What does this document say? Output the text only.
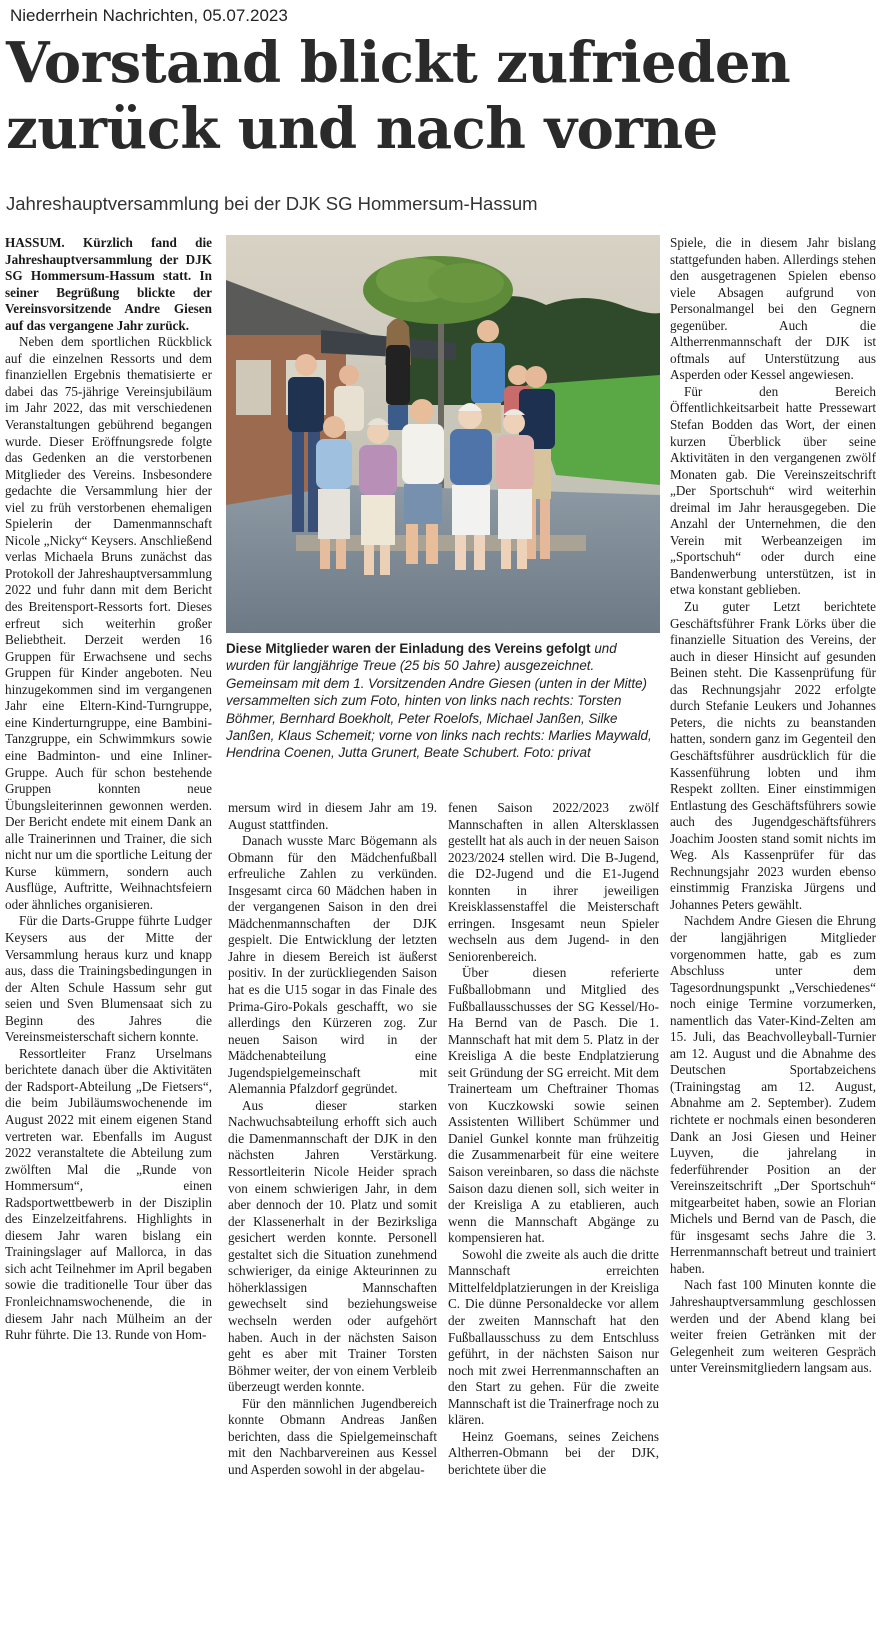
Niederrhein Nachrichten, 05.07.2023
Vorstand blickt zufrieden zurück und nach vorne
Jahreshauptversammlung bei der DJK SG Hommersum-Hassum

HASSUM. Kürzlich fand die Jahreshauptversammlung der DJK SG Hommersum-Hassum statt. In seiner Begrüßung blickte der Vereinsvorsitzende Andre Giesen auf das vergangene Jahr zurück.

Neben dem sportlichen Rückblick auf die einzelnen Ressorts und dem finanziellen Ergebnis thematisierte er dabei das 75-jährige Vereinsjubiläum im Jahr 2022, das mit verschiedenen Veranstaltungen gebührend begangen wurde. Dieser Eröffnungsrede folgte das Gedenken an die verstorbenen Mitglieder des Vereins. Insbesondere gedachte die Versammlung hier der viel zu früh verstorbenen ehemaligen Spielerin der Damenmannschaft Nicole „Nicky“ Keysers. Anschließend verlas Michaela Bruns zunächst das Protokoll der Jahreshauptversammlung 2022 und fuhr dann mit dem Bericht des Breitensport-Ressorts fort. Dieses erfreut sich weiterhin großer Beliebtheit. Derzeit werden 16 Gruppen für Erwachsene und sechs Gruppen für Kinder angeboten. Neu hinzugekommen sind im vergangenen Jahr eine Eltern-Kind-Turngruppe, eine Kinderturngruppe, eine Bambini-Tanzgruppe, ein Schwimmkurs sowie eine Badminton- und eine Inliner-Gruppe. Auch für schon bestehende Gruppen konnten neue Übungsleiterinnen gewonnen werden. Der Bericht endete mit einem Dank an alle Trainerinnen und Trainer, die sich nicht nur um die sportliche Leitung der Kurse kümmern, sondern auch Ausflüge, Auftritte, Weihnachtsfeiern oder ähnliches organisieren.

Für die Darts-Gruppe führte Ludger Keysers aus der Mitte der Versammlung heraus kurz und knapp aus, dass die Trainingsbedingungen in der Alten Schule Hassum sehr gut seien und Sven Blumensaat sich zu Beginn des Jahres die Vereinsmeisterschaft sichern konnte.

Ressortleiter Franz Urselmans berichtete danach über die Aktivitäten der Radsport-Abteilung „De Fietsers“, die beim Jubiläumswochenende im August 2022 mit einem eigenen Stand vertreten war. Ebenfalls im August 2022 veranstaltete die Abteilung zum zwölften Mal die „Runde von Hommersum“, einen Radsportwettbewerb in der Disziplin des Einzelzeitfahrens. Highlights in diesem Jahr waren bislang ein Trainingslager auf Mallorca, in das sich acht Teilnehmer im April begaben sowie die traditionelle Tour über das Fronleichnamswochenende, die in diesem Jahr nach Mülheim an der Ruhr führte. Die 13. Runde von Hom-

Diese Mitglieder waren der Einladung des Vereins gefolgt und wurden für langjährige Treue (25 bis 50 Jahre) ausgezeichnet. Gemeinsam mit dem 1. Vorsitzenden Andre Giesen (unten in der Mitte) versammelten sich zum Foto, hinten von links nach rechts: Torsten Böhmer, Bernhard Boekholt, Peter Roelofs, Michael Janßen, Silke Janßen, Klaus Schemeit; vorne von links nach rechts: Marlies Maywald, Hendrina Coenen, Jutta Grunert, Beate Schubert. Foto: privat

mersum wird in diesem Jahr am 19. August stattfinden.

Danach wusste Marc Bögemann als Obmann für den Mädchenfußball erfreuliche Zahlen zu verkünden. Insgesamt circa 60 Mädchen haben in der vergangenen Saison in den drei Mädchenmannschaften der DJK gespielt. Die Entwicklung der letzten Jahre in diesem Bereich ist äußerst positiv. In der zurückliegenden Saison hat es die U15 sogar in das Finale des Prima-Giro-Pokals geschafft, wo sie allerdings den Kürzeren zog. Zur neuen Saison wird in der Mädchenabteilung eine Jugendspielgemeinschaft mit Alemannia Pfalzdorf gegründet.

Aus dieser starken Nachwuchsabteilung erhofft sich auch die Damenmannschaft der DJK in den nächsten Jahren Verstärkung. Ressortleiterin Nicole Heider sprach von einem schwierigen Jahr, in dem aber dennoch der 10. Platz und somit der Klassenerhalt in der Bezirksliga gesichert werden konnte. Personell gestaltet sich die Situation zunehmend schwieriger, da einige Akteurinnen zu höherklassigen Mannschaften gewechselt sind beziehungsweise wechseln werden oder aufgehört haben. Auch in der nächsten Saison geht es aber mit Trainer Torsten Böhmer weiter, der von einem Verbleib überzeugt werden konnte.

Für den männlichen Jugendbereich konnte Obmann Andreas Janßen berichten, dass die Spielgemeinschaft mit den Nachbarvereinen aus Kessel und Asperden sowohl in der abgelau-

fenen Saison 2022/2023 zwölf Mannschaften in allen Altersklassen gestellt hat als auch in der neuen Saison 2023/2024 stellen wird. Die B-Jugend, die D2-Jugend und die E1-Jugend konnten in ihrer jeweiligen Kreisklassenstaffel die Meisterschaft erringen. Insgesamt neun Spieler wechseln aus dem Jugend- in den Seniorenbereich.

Über diesen referierte Fußballobmann und Mitglied des Fußballausschusses der SG Kessel/Ho-Ha Bernd van de Pasch. Die 1. Mannschaft hat mit dem 5. Platz in der Kreisliga A die beste Endplatzierung seit Gründung der SG erreicht. Mit dem Trainerteam um Cheftrainer Thomas von Kuczkowski sowie seinen Assistenten Willibert Schümmer und Daniel Gunkel konnte man frühzeitig die Zusammenarbeit für eine weitere Saison vereinbaren, so dass die nächste Saison dazu dienen soll, sich weiter in der Kreisliga A zu etablieren, auch wenn die Mannschaft Abgänge zu kompensieren hat.

Sowohl die zweite als auch die dritte Mannschaft erreichten Mittelfeldplatzierungen in der Kreisliga C. Die dünne Personaldecke vor allem der zweiten Mannschaft hat den Fußballausschuss zu dem Entschluss geführt, in der nächsten Saison nur noch mit zwei Herrenmannschaften an den Start zu gehen. Für die zweite Mannschaft ist die Trainerfrage noch zu klären.

Heinz Goemans, seines Zeichens Altherren-Obmann bei der DJK, berichtete über die

Spiele, die in diesem Jahr bislang stattgefunden haben. Allerdings stehen den ausgetragenen Spielen ebenso viele Absagen aufgrund von Personalmangel bei den Gegnern gegenüber. Auch die Altherrenmannschaft der DJK ist oftmals auf Unterstützung aus Asperden oder Kessel angewiesen.

Für den Bereich Öffentlichkeitsarbeit hatte Pressewart Stefan Bodden das Wort, der einen kurzen Überblick über seine Aktivitäten in den vergangenen zwölf Monaten gab. Die Vereinszeitschrift „Der Sportschuh“ wird weiterhin dreimal im Jahr herausgegeben. Die Anzahl der Unternehmen, die den Verein mit Werbeanzeigen im „Sportschuh“ oder durch eine Bandenwerbung unterstützen, ist in etwa konstant geblieben.

Zu guter Letzt berichtete Geschäftsführer Frank Lörks über die finanzielle Situation des Vereins, der auch in dieser Hinsicht auf gesunden Beinen steht. Die Kassenprüfung für das Rechnungsjahr 2022 erfolgte durch Stefanie Leukers und Johannes Peters, die nichts zu beanstanden hatten, sondern ganz im Gegenteil den Geschäftsführer ausdrücklich für die Kassenführung lobten und ihm Respekt zollten. Einer einstimmigen Entlastung des Geschäftsführers sowie auch des Jugendgeschäftsführers Joachim Joosten stand somit nichts im Weg. Als Kassenprüfer für das Rechnungsjahr 2023 wurden ebenso einstimmig Franziska Jürgens und Johannes Peters gewählt.

Nachdem Andre Giesen die Ehrung der langjährigen Mitglieder vorgenommen hatte, gab es zum Abschluss unter dem Tagesordnungspunkt „Verschiedenes“ noch einige Termine vorzumerken, namentlich das Vater-Kind-Zelten am 15. Juli, das Beachvolleyball-Turnier am 12. August und die Abnahme des Deutschen Sportabzeichens (Trainingstag am 12. August, Abnahme am 2. September). Zudem richtete er nochmals einen besonderen Dank an Josi Giesen und Heiner Luyven, die jahrelang in federführender Position an der Vereinszeitschrift „Der Sportschuh“ mitgearbeitet haben, sowie an Florian Michels und Bernd van de Pasch, die für insgesamt sechs Jahre die 3. Herrenmannschaft betreut und trainiert haben.

Nach fast 100 Minuten konnte die Jahreshauptversammlung geschlossen werden und der Abend klang bei weiter freien Getränken mit der Gelegenheit zum weiteren Gespräch unter Vereinsmitgliedern langsam aus.
